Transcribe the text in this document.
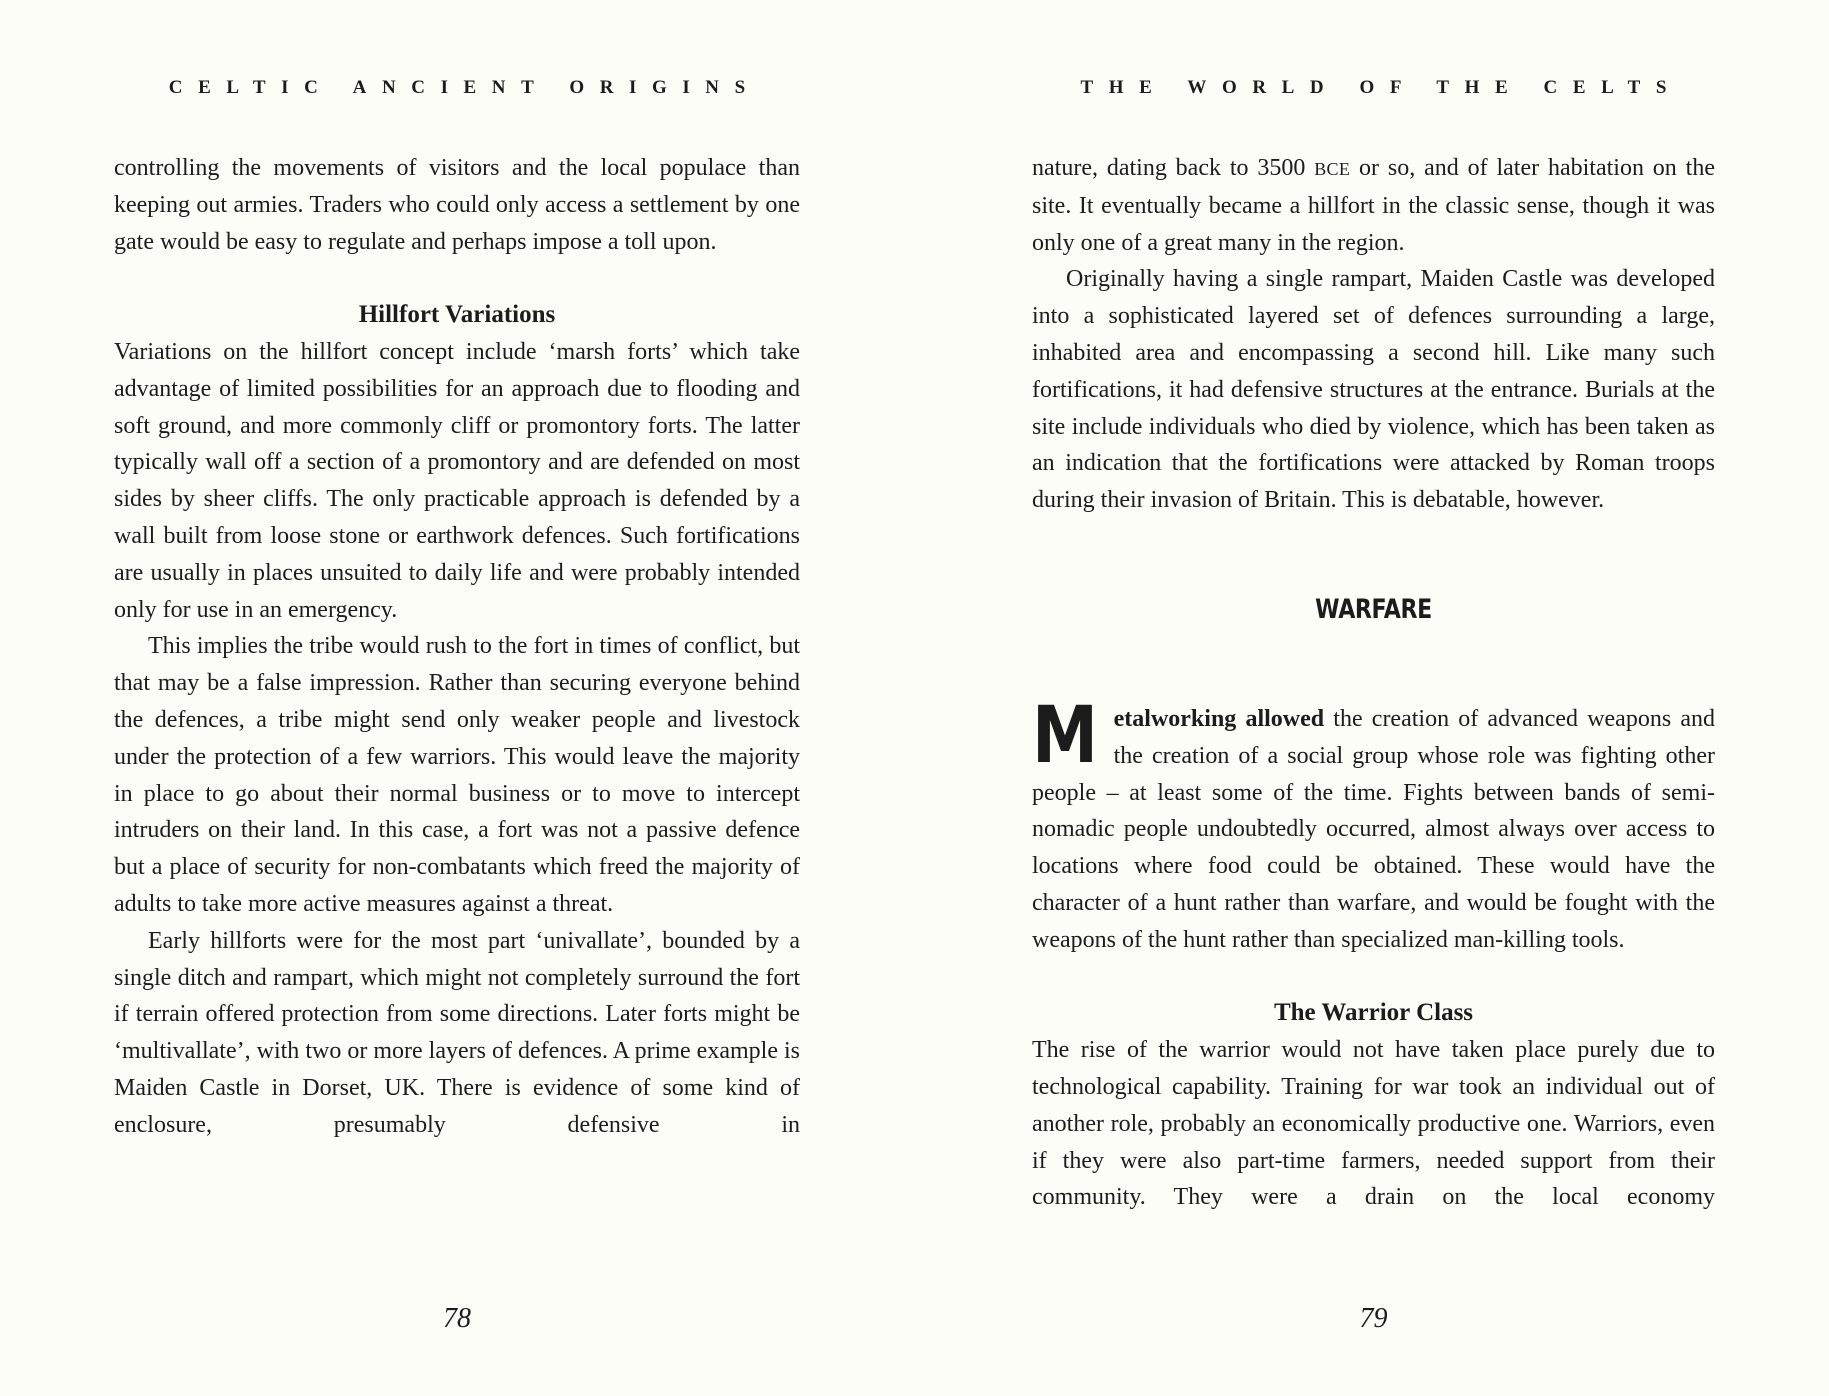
CELTIC ANCIENT ORIGINS

controlling the movements of visitors and the local populace than keeping out armies. Traders who could only access a settlement by one gate would be easy to regulate and perhaps impose a toll upon.

Hillfort Variations

Variations on the hillfort concept include ‘marsh forts’ which take advantage of limited possibilities for an approach due to flooding and soft ground, and more commonly cliff or promontory forts. The latter typically wall off a section of a promontory and are defended on most sides by sheer cliffs. The only practicable approach is defended by a wall built from loose stone or earthwork defences. Such fortifications are usually in places unsuited to daily life and were probably intended only for use in an emergency.

This implies the tribe would rush to the fort in times of conflict, but that may be a false impression. Rather than securing everyone behind the defences, a tribe might send only weaker people and livestock under the protection of a few warriors. This would leave the majority in place to go about their normal business or to move to intercept intruders on their land. In this case, a fort was not a passive defence but a place of security for non-combatants which freed the majority of adults to take more active measures against a threat.

Early hillforts were for the most part ‘univallate’, bounded by a single ditch and rampart, which might not completely surround the fort if terrain offered protection from some directions. Later forts might be ‘multivallate’, with two or more layers of defences. A prime example is Maiden Castle in Dorset, UK. There is evidence of some kind of enclosure, presumably defensive in

78
THE WORLD OF THE CELTS

nature, dating back to 3500 BCE or so, and of later habitation on the site. It eventually became a hillfort in the classic sense, though it was only one of a great many in the region.

Originally having a single rampart, Maiden Castle was developed into a sophisticated layered set of defences surrounding a large, inhabited area and encompassing a second hill. Like many such fortifications, it had defensive structures at the entrance. Burials at the site include individuals who died by violence, which has been taken as an indication that the fortifications were attacked by Roman troops during their invasion of Britain. This is debatable, however.

WARFARE

Metalworking allowed the creation of advanced weapons and the creation of a social group whose role was fighting other people – at least some of the time. Fights between bands of semi-nomadic people undoubtedly occurred, almost always over access to locations where food could be obtained. These would have the character of a hunt rather than warfare, and would be fought with the weapons of the hunt rather than specialized man-killing tools.

The Warrior Class

The rise of the warrior would not have taken place purely due to technological capability. Training for war took an individual out of another role, probably an economically productive one. Warriors, even if they were also part-time farmers, needed support from their community. They were a drain on the local economy

79
